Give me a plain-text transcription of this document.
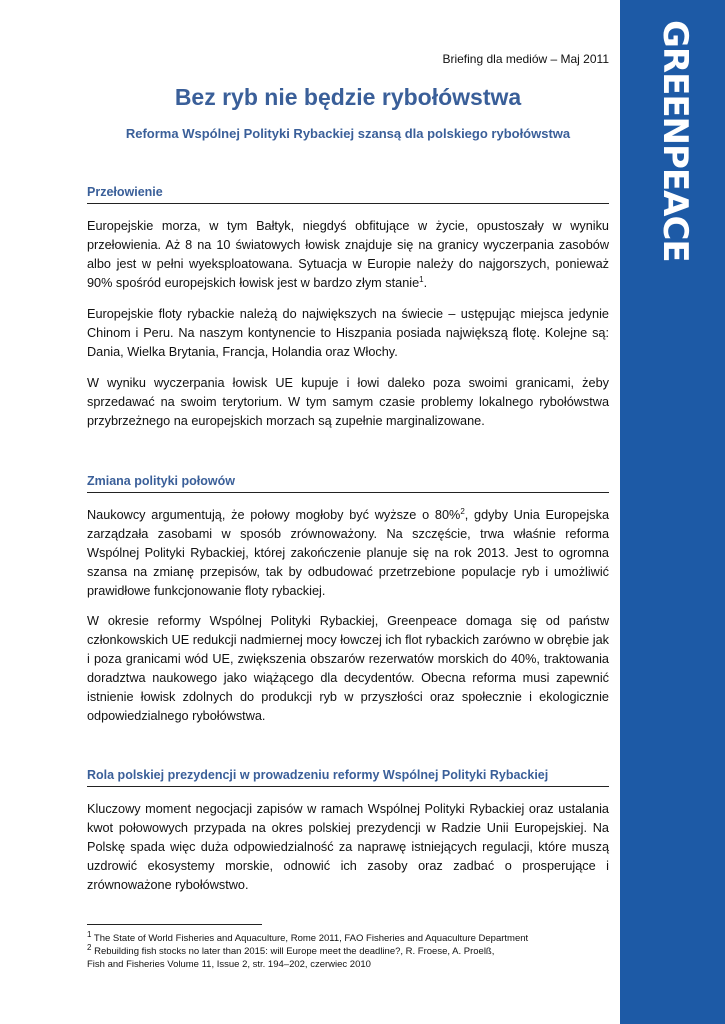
GREENPEACE
Briefing dla mediów – Maj 2011
Bez ryb nie będzie rybołówstwa
Reforma Wspólnej Polityki Rybackiej szansą dla polskiego rybołówstwa
Przełowienie

Europejskie morza, w tym Bałtyk, niegdyś obfitujące w życie, opustoszały w wyniku przełowienia. Aż 8 na 10 światowych łowisk znajduje się na granicy wyczerpania zasobów albo jest w pełni wyeksploatowana. Sytuacja w Europie należy do najgorszych, ponieważ 90% spośród europejskich łowisk jest w bardzo złym stanie$^1$.

Europejskie floty rybackie należą do największych na świecie – ustępując miejsca jedynie Chinom i Peru. Na naszym kontynencie to Hiszpania posiada największą flotę. Kolejne są: Dania, Wielka Brytania, Francja, Holandia oraz Włochy.

W wyniku wyczerpania łowisk UE kupuje i łowi daleko poza swoimi granicami, żeby sprzedawać na swoim terytorium. W tym samym czasie problemy lokalnego rybołówstwa przybrzeżnego na europejskich morzach są zupełnie marginalizowane.

Zmiana polityki połowów

Naukowcy argumentują, że połowy mogłoby być wyższe o 80%$^2$, gdyby Unia Europejska zarządzała zasobami w sposób zrównoważony. Na szczęście, trwa właśnie reforma Wspólnej Polityki Rybackiej, której zakończenie planuje się na rok 2013. Jest to ogromna szansa na zmianę przepisów, tak by odbudować przetrzebione populacje ryb i umożliwić prawidłowe funkcjonowanie floty rybackiej.

W okresie reformy Wspólnej Polityki Rybackiej, Greenpeace domaga się od państw członkowskich UE redukcji nadmiernej mocy łowczej ich flot rybackich zarówno w obrębie jak i poza granicami wód UE, zwiększenia obszarów rezerwatów morskich do 40%, traktowania doradztwa naukowego jako wiążącego dla decydentów. Obecna reforma musi zapewnić istnienie łowisk zdolnych do produkcji ryb w przyszłości oraz społecznie i ekologicznie odpowiedzialnego rybołówstwa.

Rola polskiej prezydencji w prowadzeniu reformy Wspólnej Polityki Rybackiej

Kluczowy moment negocjacji zapisów w ramach Wspólnej Polityki Rybackiej oraz ustalania kwot połowowych przypada na okres polskiej prezydencji w Radzie Unii Europejskiej. Na Polskę spada więc duża odpowiedzialność za naprawę istniejących regulacji, które muszą uzdrowić ekosystemy morskie, odnowić ich zasoby oraz zadbać o prosperujące i zrównoważone rybołówstwo.

$^1$ The State of World Fisheries and Aquaculture, Rome 2011, FAO Fisheries and Aquaculture Department
$^2$ Rebuilding fish stocks no later than 2015: will Europe meet the deadline?, R. Froese, A. Proelß,
Fish and Fisheries Volume 11, Issue 2, str. 194–202, czerwiec 2010
